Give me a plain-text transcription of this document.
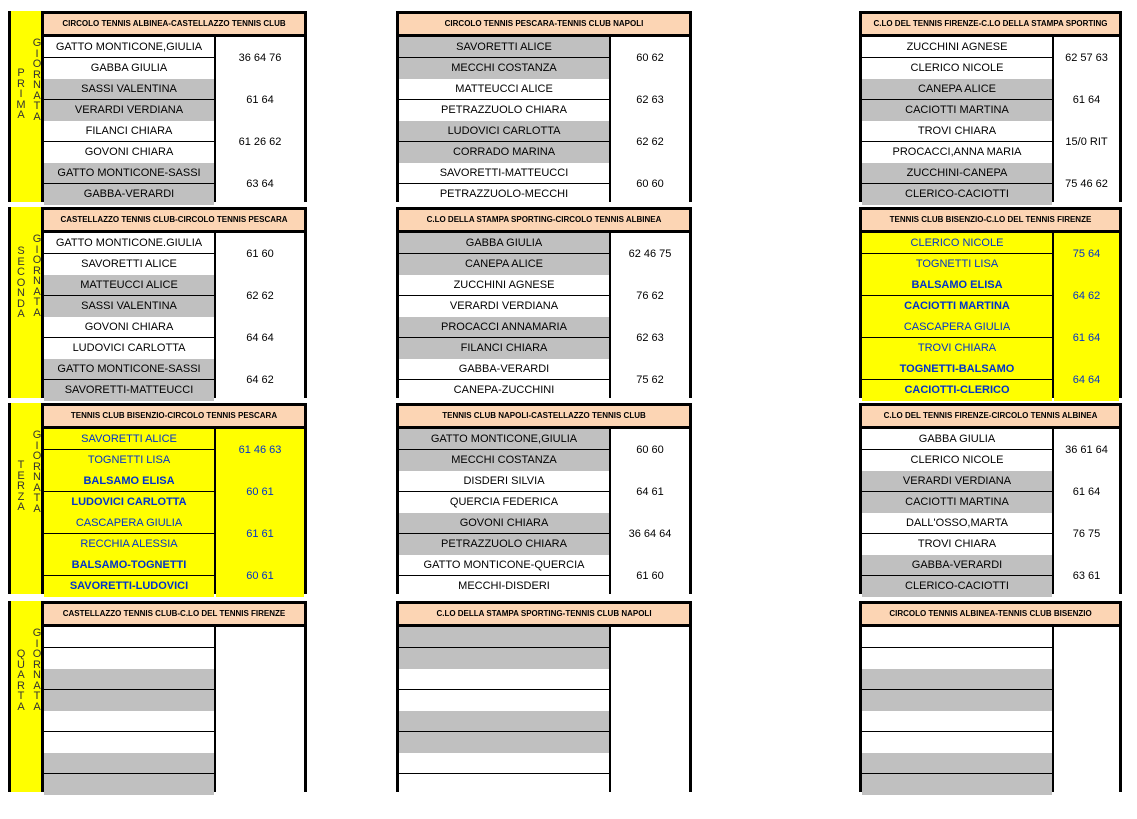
P
R
I
M
A
G
I
O
R
N
A
T
A
CIRCOLO TENNIS ALBINEA-CASTELLAZZO TENNIS CLUB
GATTO MONTICONE,GIULIA
GABBA GIULIA
36 64 76
SASSI VALENTINA
VERARDI VERDIANA
61 64
FILANCI CHIARA
GOVONI CHIARA
61 26 62
GATTO MONTICONE-SASSI
GABBA-VERARDI
63 64
CIRCOLO TENNIS PESCARA-TENNIS CLUB NAPOLI
SAVORETTI ALICE
MECCHI COSTANZA
60 62
MATTEUCCI ALICE
PETRAZZUOLO CHIARA
62 63
LUDOVICI CARLOTTA
CORRADO MARINA
62 62
SAVORETTI-MATTEUCCI
PETRAZZUOLO-MECCHI
60 60
C.LO DEL TENNIS FIRENZE-C.LO DELLA STAMPA SPORTING
ZUCCHINI AGNESE
CLERICO NICOLE
62 57 63
CANEPA ALICE
CACIOTTI MARTINA
61 64
TROVI CHIARA
PROCACCI,ANNA MARIA
15/0 RIT
ZUCCHINI-CANEPA
CLERICO-CACIOTTI
75 46 62
S
E
C
O
N
D
A
G
I
O
R
N
A
T
A
CASTELLAZZO TENNIS CLUB-CIRCOLO TENNIS PESCARA
GATTO MONTICONE.GIULIA
SAVORETTI ALICE
61 60
MATTEUCCI ALICE
SASSI VALENTINA
62 62
GOVONI CHIARA
LUDOVICI CARLOTTA
64 64
GATTO MONTICONE-SASSI
SAVORETTI-MATTEUCCI
64 62
C.LO DELLA STAMPA SPORTING-CIRCOLO TENNIS ALBINEA
GABBA GIULIA
CANEPA ALICE
62 46 75
ZUCCHINI AGNESE
VERARDI VERDIANA
76 62
PROCACCI ANNAMARIA
FILANCI CHIARA
62 63
GABBA-VERARDI
CANEPA-ZUCCHINI
75 62
TENNIS CLUB BISENZIO-C.LO DEL TENNIS FIRENZE
CLERICO NICOLE
TOGNETTI LISA
75 64
BALSAMO ELISA
CACIOTTI MARTINA
64 62
CASCAPERA GIULIA
TROVI CHIARA
61 64
TOGNETTI-BALSAMO
CACIOTTI-CLERICO
64 64
T
E
R
Z
A
G
I
O
R
N
A
T
A
TENNIS CLUB BISENZIO-CIRCOLO TENNIS PESCARA
SAVORETTI ALICE
TOGNETTI LISA
61 46 63
BALSAMO ELISA
LUDOVICI CARLOTTA
60 61
CASCAPERA GIULIA
RECCHIA ALESSIA
61 61
BALSAMO-TOGNETTI
SAVORETTI-LUDOVICI
60 61
TENNIS CLUB NAPOLI-CASTELLAZZO TENNIS CLUB
GATTO MONTICONE,GIULIA
MECCHI COSTANZA
60 60
DISDERI SILVIA
QUERCIA FEDERICA
64 61
GOVONI CHIARA
PETRAZZUOLO CHIARA
36 64 64
GATTO MONTICONE-QUERCIA
MECCHI-DISDERI
61 60
C.LO DEL TENNIS FIRENZE-CIRCOLO TENNIS ALBINEA
GABBA GIULIA
CLERICO NICOLE
36 61 64
VERARDI VERDIANA
CACIOTTI MARTINA
61 64
DALL'OSSO,MARTA
TROVI CHIARA
76 75
GABBA-VERARDI
CLERICO-CACIOTTI
63 61
Q
U
A
R
T
A
G
I
O
R
N
A
T
A
CASTELLAZZO TENNIS CLUB-C.LO DEL TENNIS FIRENZE	C.LO DELLA STAMPA SPORTING-TENNIS CLUB NAPOLI	CIRCOLO TENNIS ALBINEA-TENNIS CLUB BISENZIO
